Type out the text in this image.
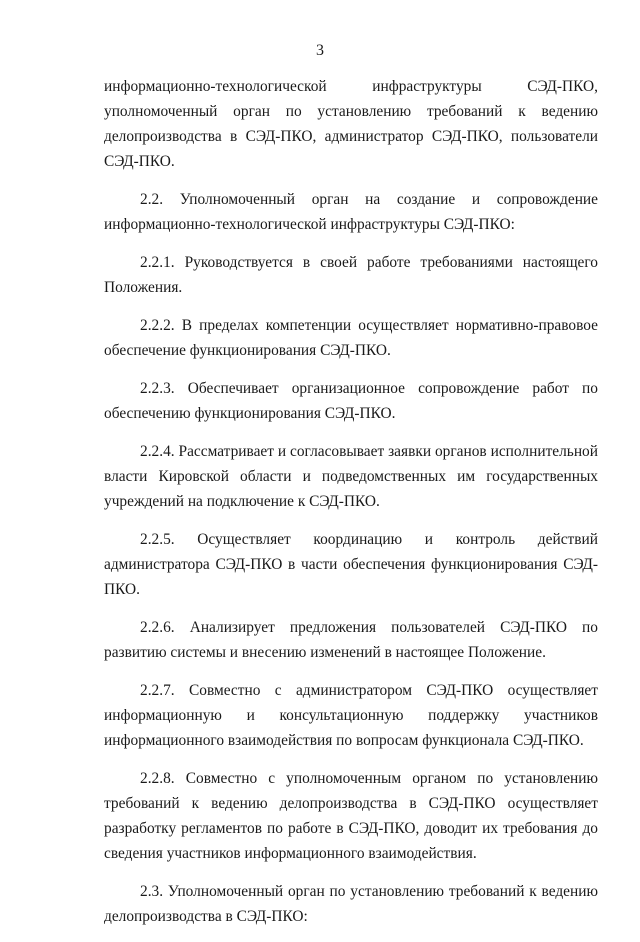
3

информационно-технологической инфраструктуры СЭД-ПКО, уполномоченный орган по установлению требований к ведению делопроизводства в СЭД-ПКО, администратор СЭД-ПКО, пользователи СЭД-ПКО.

2.2. Уполномоченный орган на создание и сопровождение информационно-технологической инфраструктуры СЭД-ПКО:

2.2.1. Руководствуется в своей работе требованиями настоящего Положения.

2.2.2. В пределах компетенции осуществляет нормативно-правовое обеспечение функционирования СЭД-ПКО.

2.2.3. Обеспечивает организационное сопровождение работ по обеспечению функционирования СЭД-ПКО.

2.2.4. Рассматривает и согласовывает заявки органов исполнительной власти Кировской области и подведомственных им государственных учреждений на подключение к СЭД-ПКО.

2.2.5. Осуществляет координацию и контроль действий администратора СЭД-ПКО в части обеспечения функционирования СЭД-ПКО.

2.2.6. Анализирует предложения пользователей СЭД-ПКО по развитию системы и внесению изменений в настоящее Положение.

2.2.7. Совместно с администратором СЭД-ПКО осуществляет информационную и консультационную поддержку участников информационного взаимодействия по вопросам функционала СЭД-ПКО.

2.2.8. Совместно с уполномоченным органом по установлению требований к ведению делопроизводства в СЭД-ПКО осуществляет разработку регламентов по работе в СЭД-ПКО, доводит их требования до сведения участников информационного взаимодействия.

2.3. Уполномоченный орган по установлению требований к ведению делопроизводства в СЭД-ПКО:
